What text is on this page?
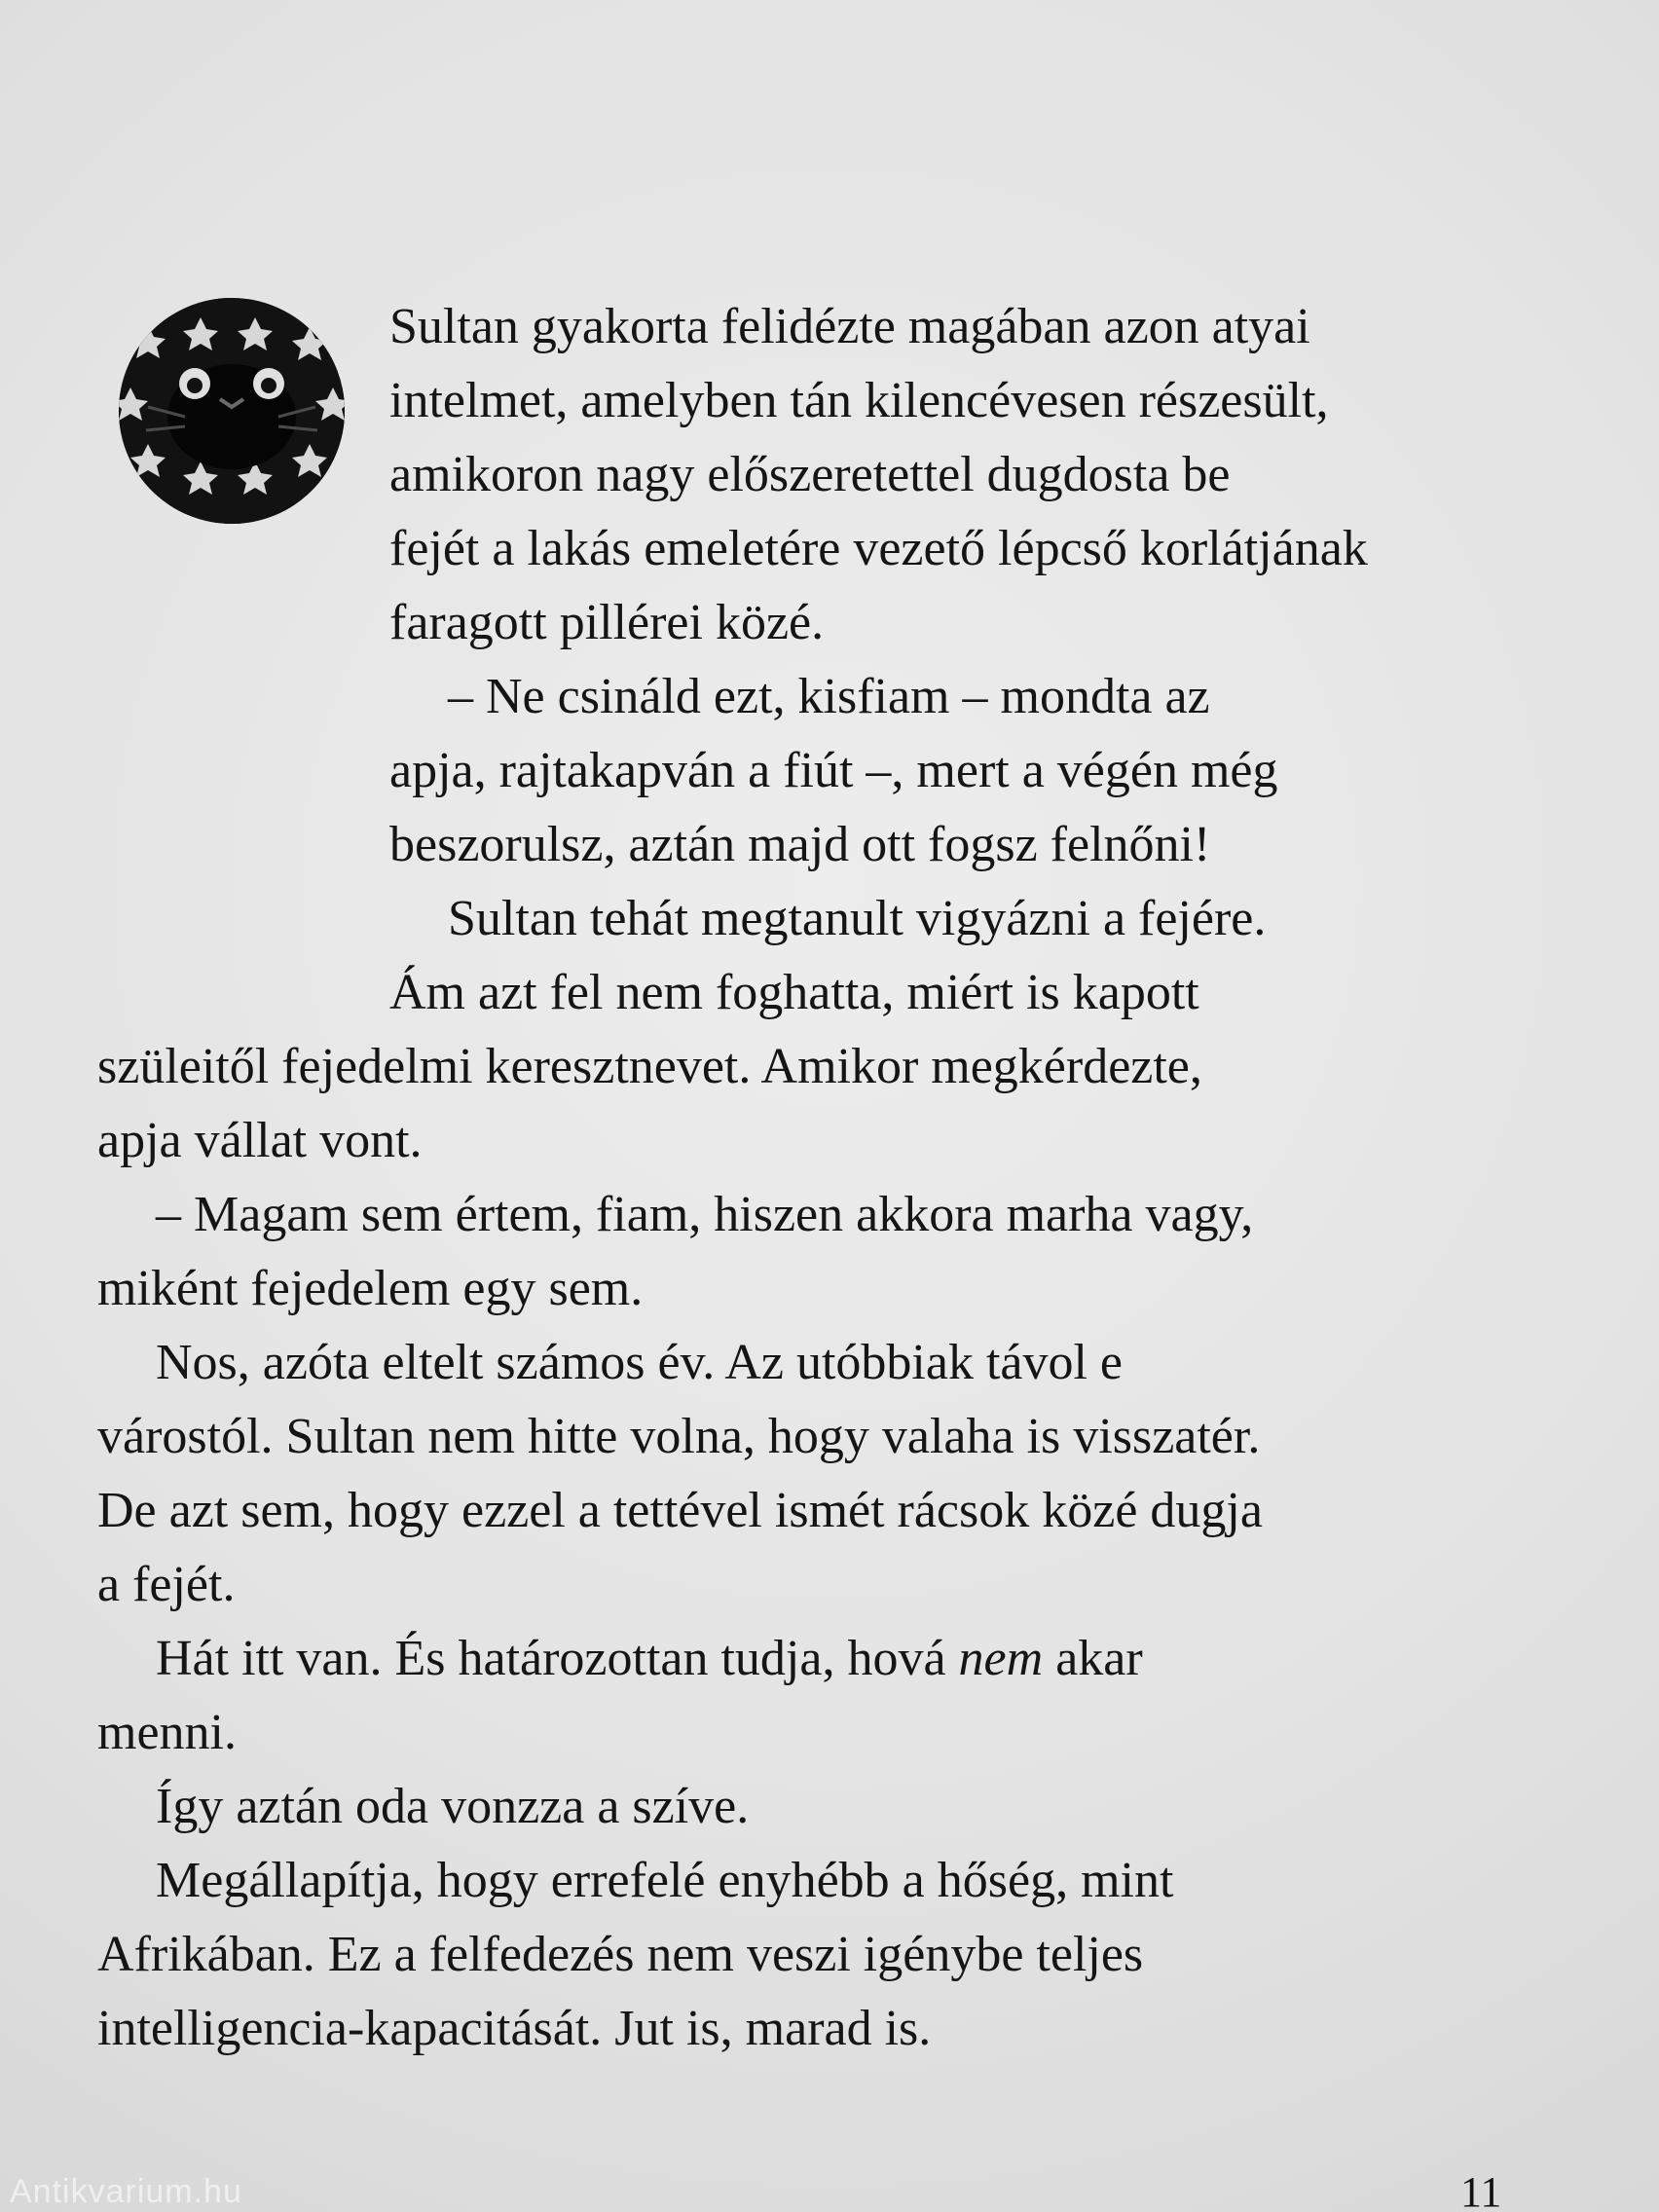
Sultan gyakorta felidézte magában azon atyai
intelmet, amelyben tán kilencévesen részesült,
amikoron nagy előszeretettel dugdosta be
fejét a lakás emeletére vezető lépcső korlátjának
faragott pillérei közé.
– Ne csináld ezt, kisfiam – mondta az
apja, rajtakapván a fiút –, mert a végén még
beszorulsz, aztán majd ott fogsz felnőni!
Sultan tehát megtanult vigyázni a fejére.
Ám azt fel nem foghatta, miért is kapott
szüleitől fejedelmi keresztnevet. Amikor megkérdezte,
apja vállat vont.
– Magam sem értem, fiam, hiszen akkora marha vagy,
miként fejedelem egy sem.
Nos, azóta eltelt számos év. Az utóbbiak távol e
várostól. Sultan nem hitte volna, hogy valaha is visszatér.
De azt sem, hogy ezzel a tettével ismét rácsok közé dugja
a fejét.
Hát itt van. És határozottan tudja, hová nem akar
menni.
Így aztán oda vonzza a szíve.
Megállapítja, hogy errefelé enyhébb a hőség, mint
Afrikában. Ez a felfedezés nem veszi igénybe teljes
intelligencia-kapacitását. Jut is, marad is.
11
Antikvarium.hu
